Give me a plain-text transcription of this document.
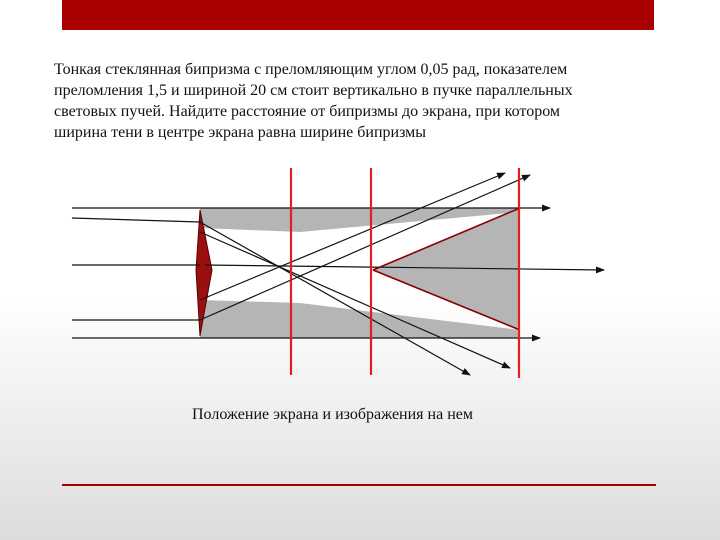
Тонкая стеклянная бипризма с преломляющим углом 0,05 рад, показателем
преломления 1,5 и шириной 20 см стоит вертикально в пучке параллельных
световых пучей. Найдите расстояние от бипризмы до экрана, при котором
ширина тени в центре экрана равна ширине бипризмы
Положение экрана и изображения на нем
